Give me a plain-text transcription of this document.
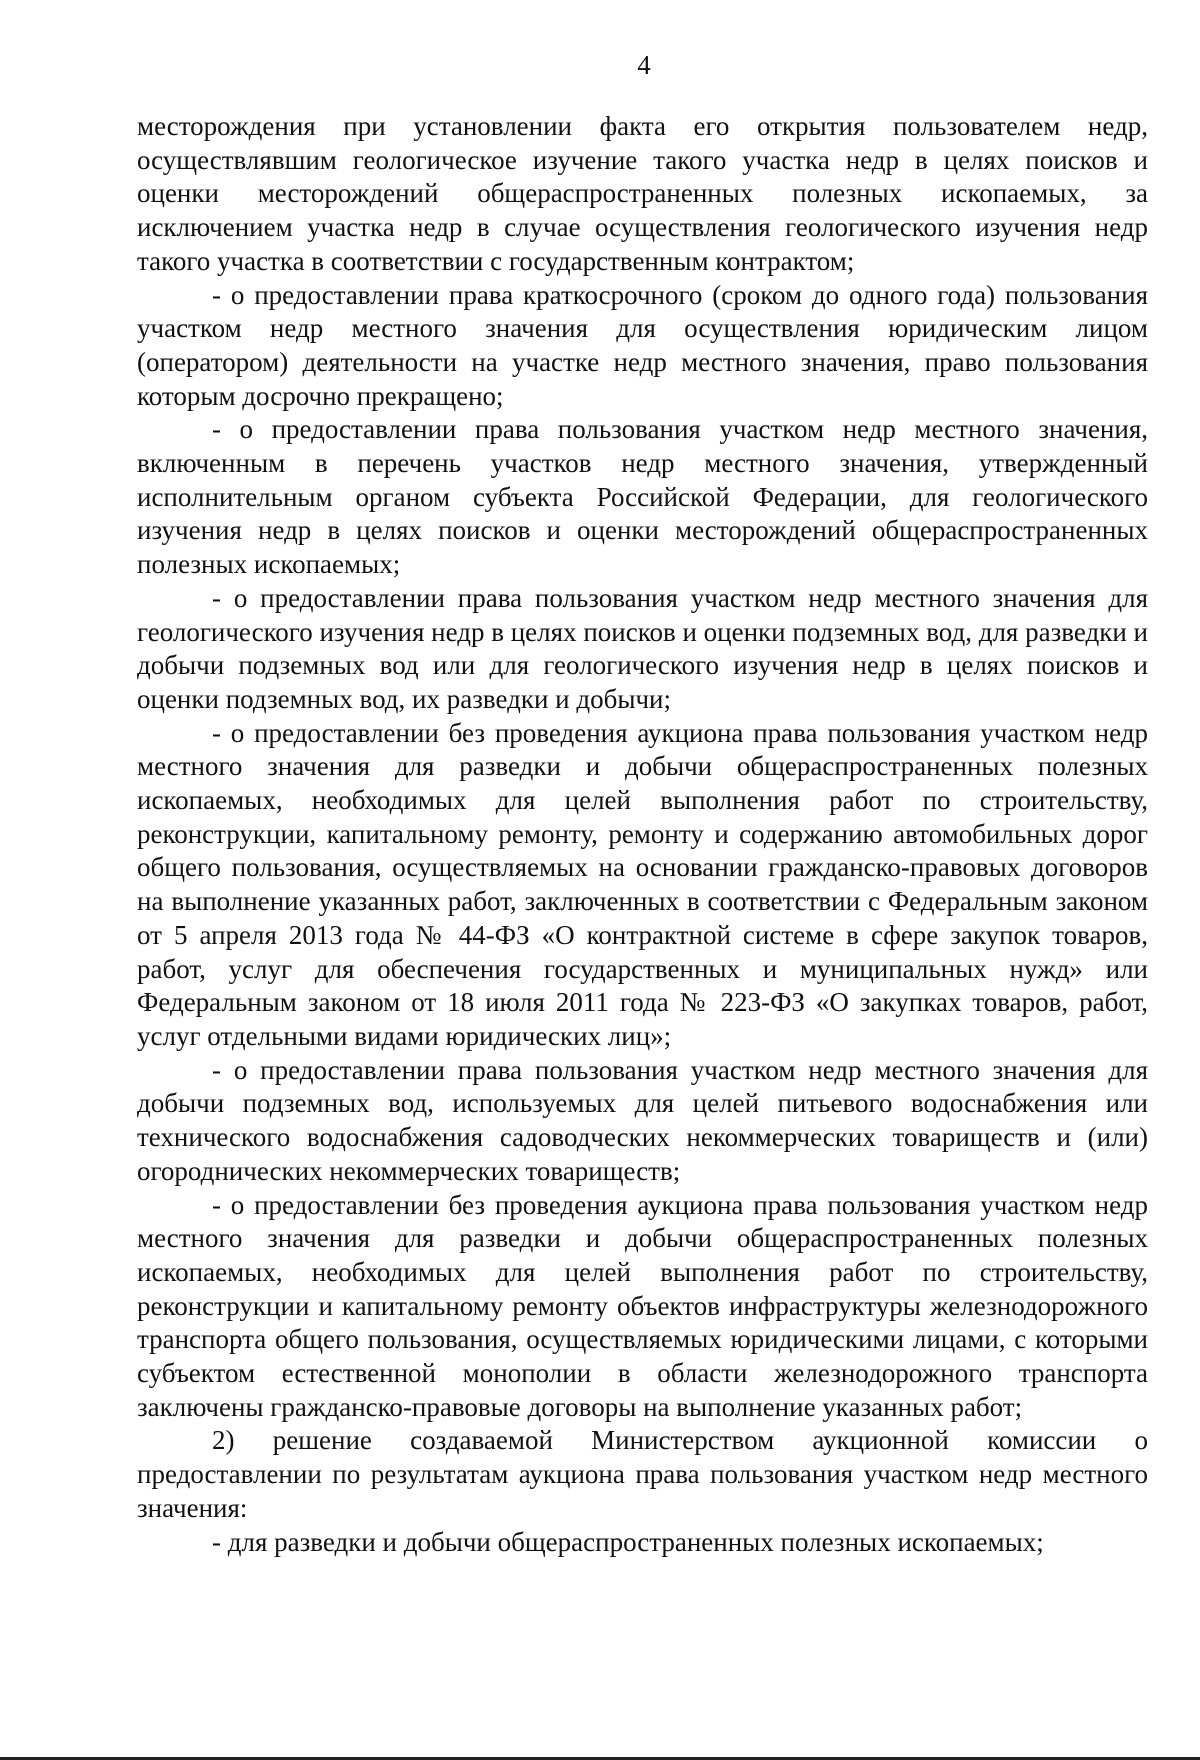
4

месторождения при установлении факта его открытия пользователем недр, осуществлявшим геологическое изучение такого участка недр в целях поисков и оценки месторождений общераспространенных полезных ископаемых, за исключением участка недр в случае осуществления геологического изучения недр такого участка в соответствии с государственным контрактом;

- о предоставлении права краткосрочного (сроком до одного года) пользования участком недр местного значения для осуществления юридическим лицом (оператором) деятельности на участке недр местного значения, право пользования которым досрочно прекращено;

- о предоставлении права пользования участком недр местного значения, включенным в перечень участков недр местного значения, утвержденный исполнительным органом субъекта Российской Федерации, для геологического изучения недр в целях поисков и оценки месторождений общераспространенных полезных ископаемых;

- о предоставлении права пользования участком недр местного значения для геологического изучения недр в целях поисков и оценки подземных вод, для разведки и добычи подземных вод или для геологического изучения недр в целях поисков и оценки подземных вод, их разведки и добычи;

- о предоставлении без проведения аукциона права пользования участком недр местного значения для разведки и добычи общераспространенных полезных ископаемых, необходимых для целей выполнения работ по строительству, реконструкции, капитальному ремонту, ремонту и содержанию автомобильных дорог общего пользования, осуществляемых на основании гражданско-правовых договоров на выполнение указанных работ, заключенных в соответствии с Федеральным законом от 5 апреля 2013 года № 44-ФЗ «О контрактной системе в сфере закупок товаров, работ, услуг для обеспечения государственных и муниципальных нужд» или Федеральным законом от 18 июля 2011 года № 223-ФЗ «О закупках товаров, работ, услуг отдельными видами юридических лиц»;

- о предоставлении права пользования участком недр местного значения для добычи подземных вод, используемых для целей питьевого водоснабжения или технического водоснабжения садоводческих некоммерческих товариществ и (или) огороднических некоммерческих товариществ;

- о предоставлении без проведения аукциона права пользования участком недр местного значения для разведки и добычи общераспространенных полезных ископаемых, необходимых для целей выполнения работ по строительству, реконструкции и капитальному ремонту объектов инфраструктуры железнодорожного транспорта общего пользования, осуществляемых юридическими лицами, с которыми субъектом естественной монополии в области железнодорожного транспорта заключены гражданско-правовые договоры на выполнение указанных работ;

2) решение создаваемой Министерством аукционной комиссии о предоставлении по результатам аукциона права пользования участком недр местного значения:

- для разведки и добычи общераспространенных полезных ископаемых;
